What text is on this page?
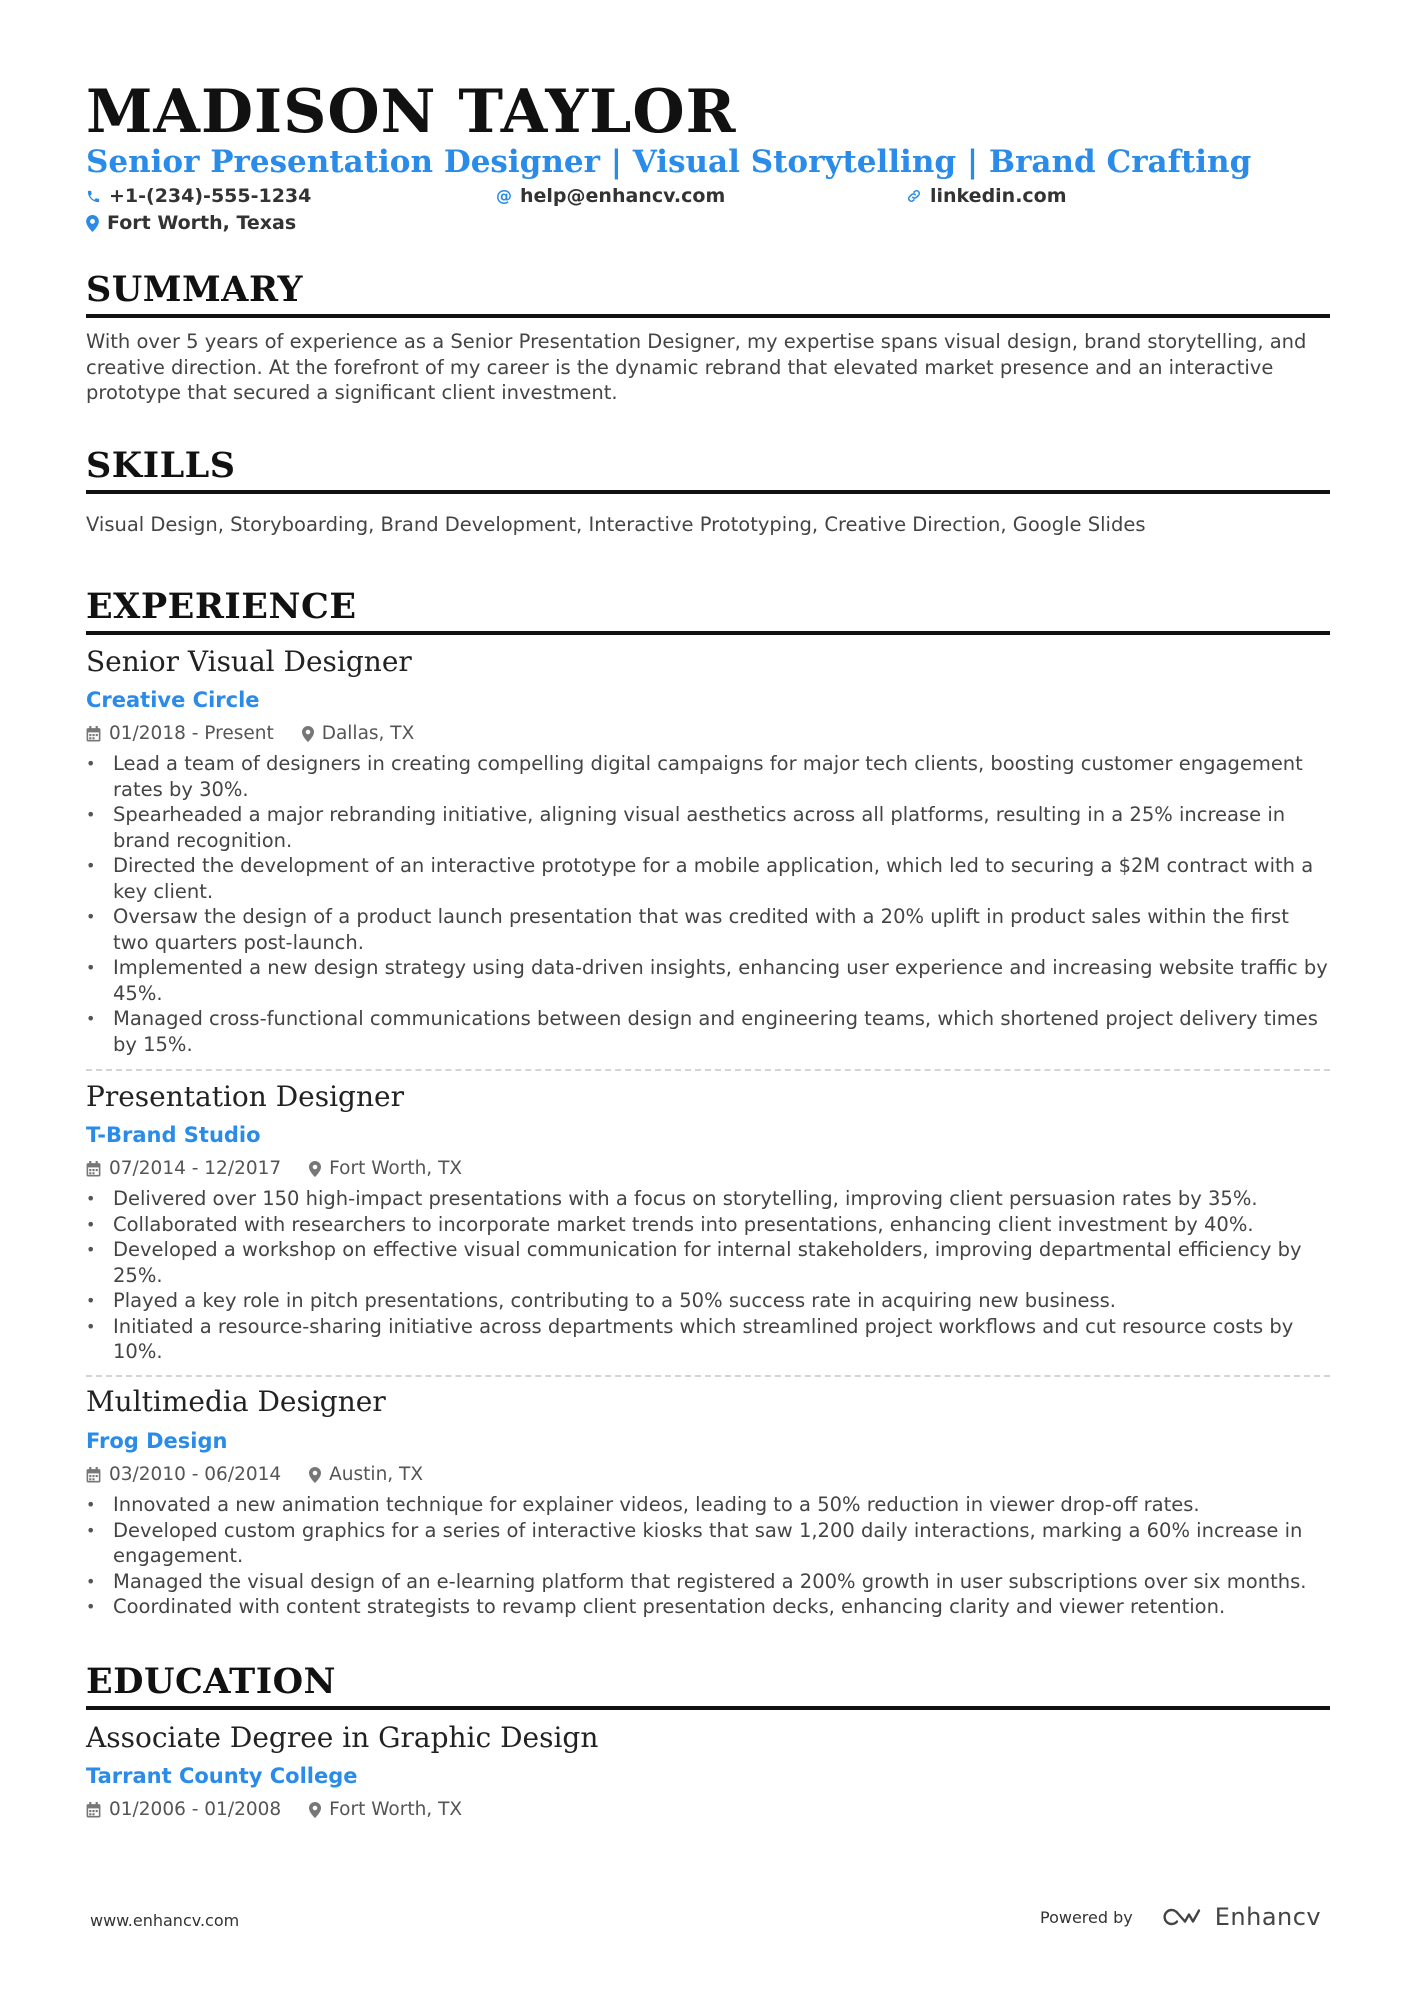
MADISON TAYLOR
Senior Presentation Designer | Visual Storytelling | Brand Crafting
+1-(234)-555-1234	@ help@enhancv.com	linkedin.com
Fort Worth, Texas
SUMMARY
With over 5 years of experience as a Senior Presentation Designer, my expertise spans visual design, brand storytelling, and creative direction. At the forefront of my career is the dynamic rebrand that elevated market presence and an interactive prototype that secured a significant client investment.
SKILLS
Visual Design, Storyboarding, Brand Development, Interactive Prototyping, Creative Direction, Google Slides
EXPERIENCE
Senior Visual Designer
Creative Circle
01/2018 - Present	Dallas, TX
• Lead a team of designers in creating compelling digital campaigns for major tech clients, boosting customer engagement rates by 30%.
• Spearheaded a major rebranding initiative, aligning visual aesthetics across all platforms, resulting in a 25% increase in brand recognition.
• Directed the development of an interactive prototype for a mobile application, which led to securing a $2M contract with a key client.
• Oversaw the design of a product launch presentation that was credited with a 20% uplift in product sales within the first two quarters post-launch.
• Implemented a new design strategy using data-driven insights, enhancing user experience and increasing website traffic by 45%.
• Managed cross-functional communications between design and engineering teams, which shortened project delivery times by 15%.
Presentation Designer
T-Brand Studio
07/2014 - 12/2017	Fort Worth, TX
• Delivered over 150 high-impact presentations with a focus on storytelling, improving client persuasion rates by 35%.
• Collaborated with researchers to incorporate market trends into presentations, enhancing client investment by 40%.
• Developed a workshop on effective visual communication for internal stakeholders, improving departmental efficiency by 25%.
• Played a key role in pitch presentations, contributing to a 50% success rate in acquiring new business.
• Initiated a resource-sharing initiative across departments which streamlined project workflows and cut resource costs by 10%.
Multimedia Designer
Frog Design
03/2010 - 06/2014	Austin, TX
• Innovated a new animation technique for explainer videos, leading to a 50% reduction in viewer drop-off rates.
• Developed custom graphics for a series of interactive kiosks that saw 1,200 daily interactions, marking a 60% increase in engagement.
• Managed the visual design of an e-learning platform that registered a 200% growth in user subscriptions over six months.
• Coordinated with content strategists to revamp client presentation decks, enhancing clarity and viewer retention.
EDUCATION
Associate Degree in Graphic Design
Tarrant County College
01/2006 - 01/2008	Fort Worth, TX
www.enhancv.com	Powered by	Enhancv
